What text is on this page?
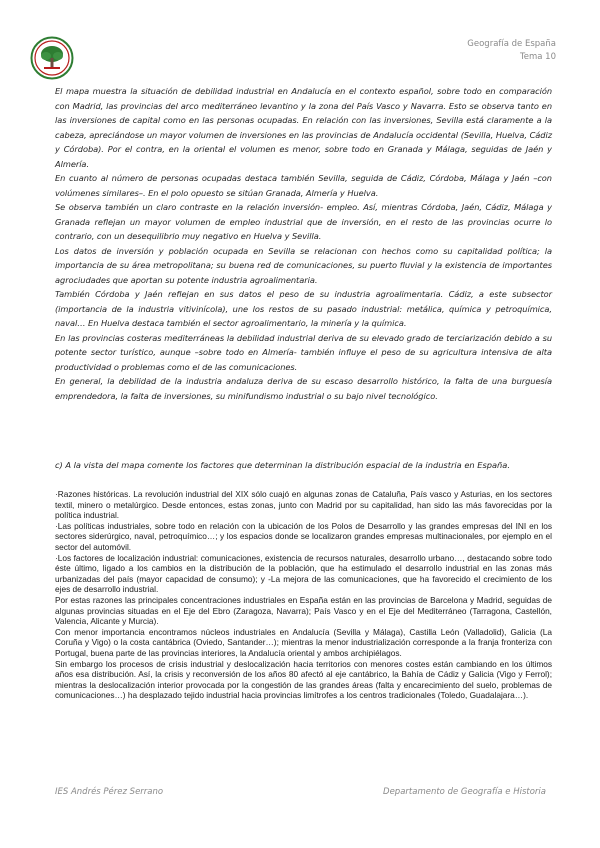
Geografía de España
Tema 10

El mapa muestra la situación de debilidad industrial en Andalucía en el contexto español, sobre todo en comparación con Madrid, las provincias del arco mediterráneo levantino y la zona del País Vasco y Navarra. Esto se observa tanto en las inversiones de capital como en las personas ocupadas. En relación con las inversiones, Sevilla está claramente a la cabeza, apreciándose un mayor volumen de inversiones en las provincias de Andalucía occidental (Sevilla, Huelva, Cádiz y Córdoba). Por el contra, en la oriental el volumen es menor, sobre todo en Granada y Málaga, seguidas de Jaén y Almería.

En cuanto al número de personas ocupadas destaca también Sevilla, seguida de Cádiz, Córdoba, Málaga y Jaén –con volúmenes similares–. En el polo opuesto se sitúan Granada, Almería y Huelva.

Se observa también un claro contraste en la relación inversión- empleo. Así, mientras Córdoba, Jaén, Cádiz, Málaga y Granada reflejan un mayor volumen de empleo industrial que de inversión, en el resto de las provincias ocurre lo contrario, con un desequilibrio muy negativo en Huelva y Sevilla.

Los datos de inversión y población ocupada en Sevilla se relacionan con hechos como su capitalidad política; la importancia de su área metropolitana; su buena red de comunicaciones, su puerto fluvial y la existencia de importantes agrociudades que aportan su potente industria agroalimentaria.

También Córdoba y Jaén reflejan en sus datos el peso de su industria agroalimentaria. Cádiz, a este subsector (importancia de la industria vitivinícola), une los restos de su pasado industrial: metálica, química y petroquímica, naval… En Huelva destaca también el sector agroalimentario, la minería y la química.

En las provincias costeras mediterráneas la debilidad industrial deriva de su elevado grado de terciarización debido a su potente sector turístico, aunque –sobre todo en Almería- también influye el peso de su agricultura intensiva de alta productividad o problemas como el de las comunicaciones.

En general, la debilidad de la industria andaluza deriva de su escaso desarrollo histórico, la falta de una burguesía emprendedora, la falta de inversiones, su minifundismo industrial o su bajo nivel tecnológico.

c) A la vista del mapa comente los factores que determinan la distribución espacial de la industria en España.

·Razones históricas. La revolución industrial del XIX sólo cuajó en algunas zonas de Cataluña, País vasco y Asturias, en los sectores textil, minero o metalúrgico. Desde entonces, estas zonas, junto con Madrid por su capitalidad, han sido las más favorecidas por la política industrial.

·Las políticas industriales, sobre todo en relación con la ubicación de los Polos de Desarrollo y las grandes empresas del INI en los sectores siderúrgico, naval, petroquímico…; y los espacios donde se localizaron grandes empresas multinacionales, por ejemplo en el sector del automóvil.

·Los factores de localización industrial: comunicaciones, existencia de recursos naturales, desarrollo urbano…, destacando sobre todo éste último, ligado a los cambios en la distribución de la población, que ha estimulado el desarrollo industrial en las zonas más urbanizadas del país (mayor capacidad de consumo); y -La mejora de las comunicaciones, que ha favorecido el crecimiento de los ejes de desarrollo industrial.

Por estas razones las principales concentraciones industriales en España están en las provincias de Barcelona y Madrid, seguidas de algunas provincias situadas en el Eje del Ebro (Zaragoza, Navarra); País Vasco y en el Eje del Mediterráneo (Tarragona, Castellón, Valencia, Alicante y Murcia).

Con menor importancia encontramos núcleos industriales en Andalucía (Sevilla y Málaga), Castilla León (Valladolid), Galicia (La Coruña y Vigo) o la costa cantábrica (Oviedo, Santander…); mientras la menor industrialización corresponde a la franja fronteriza con Portugal, buena parte de las provincias interiores, la Andalucía oriental y ambos archipiélagos.

Sin embargo los procesos de crisis industrial y deslocalización hacia territorios con menores costes están cambiando en los últimos años esa distribución. Así, la crisis y reconversión de los años 80 afectó al eje cantábrico, la Bahía de Cádiz y Galicia (Vigo y Ferrol); mientras la deslocalización interior provocada por la congestión de las grandes áreas (falta y encarecimiento del suelo, problemas de comunicaciones…) ha desplazado tejido industrial hacia provincias limítrofes a los centros tradicionales (Toledo, Guadalajara…).

IES Andrés Pérez Serrano	Departamento de Geografía e Historia
